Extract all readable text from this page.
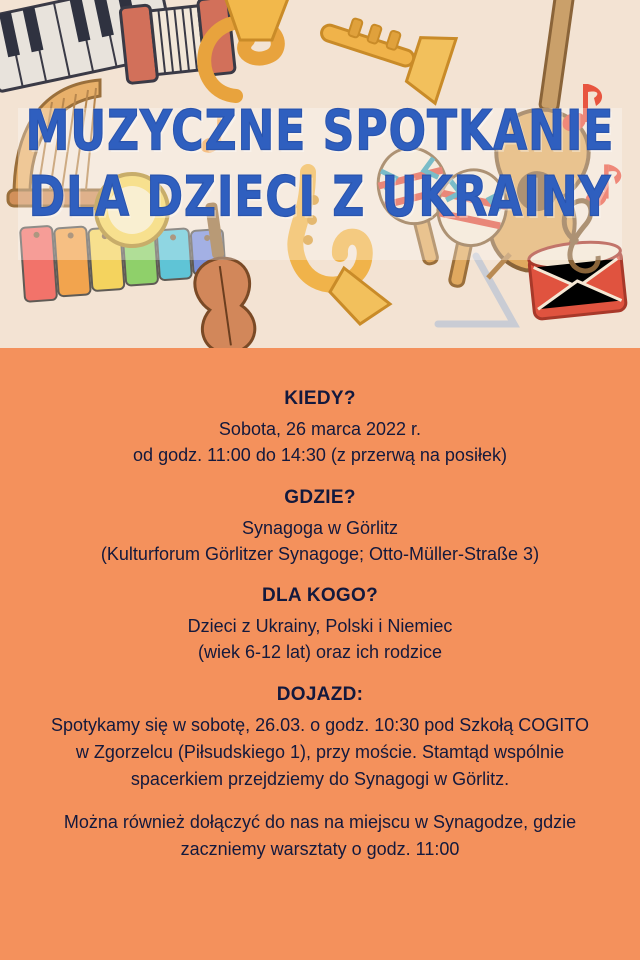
MUZYCZNE SPOTKANIE
DLA DZIECI Z UKRAINY
KIEDY?
Sobota, 26 marca 2022 r.
od godz. 11:00 do 14:30 (z przerwą na posiłek)
GDZIE?
Synagoga w Görlitz
(Kulturforum Görlitzer Synagoge; Otto-Müller-Straße 3)
DLA KOGO?
Dzieci z Ukrainy, Polski i Niemiec
(wiek 6-12 lat) oraz ich rodzice
DOJAZD:
Spotykamy się w sobotę, 26.03. o godz. 10:30 pod Szkołą COGITO
w Zgorzelcu (Piłsudskiego 1), przy moście. Stamtąd wspólnie
spacerkiem przejdziemy do Synagogi w Görlitz.
Można również dołączyć do nas na miejscu w Synagodze, gdzie
zaczniemy warsztaty o godz. 11:00
